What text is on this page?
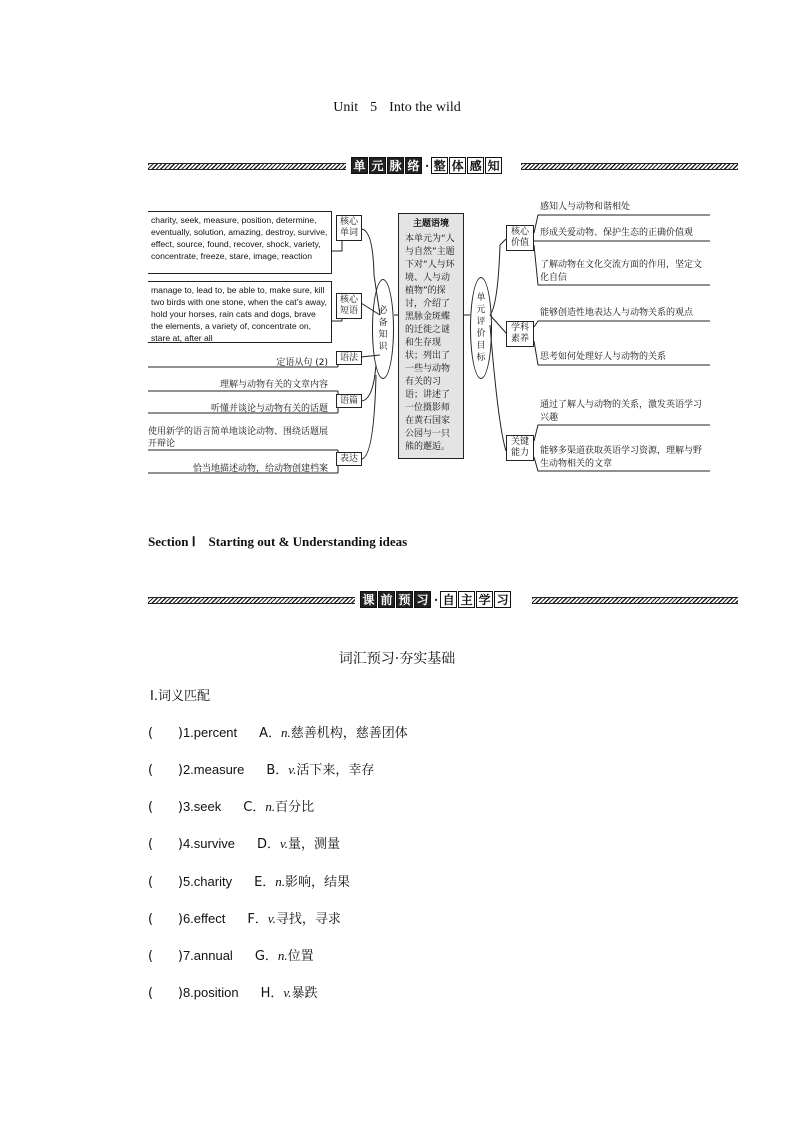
Unit 5 Into the wild
单 元 脉 络 · 整 体 感 知
charity, seek, measure, position, determine, eventually, solution, amazing, destroy, survive, effect, source, found, recover, shock, variety, concentrate, freeze, stare, image, reaction
manage to, lead to, be able to, make sure, kill two birds with one stone, when the cat’s away, hold your horses, rain cats and dogs, brave the elements, a variety of, concentrate on, stare at, after all
核心单词
核心短语
语法
语篇
表达
定语从句 (2)
理解与动物有关的文章内容
听懂并谈论与动物有关的话题
使用新学的语言简单地谈论动物、围绕话题展开辩论
恰当地描述动物，给动物创建档案
必备知识
主题语境
本单元为“人与自然”主题下对“人与环境、人与动植物”的探讨，介绍了黑脉金斑蝶的迁徙之谜和生存现状；列出了一些与动物有关的习语；讲述了一位摄影师在黄石国家公园与一只熊的邂逅。
单元评价目标
核心价值
学科素养
关键能力
感知人与动物和谐相处
形成关爱动物、保护生态的正确价值观
了解动物在文化交流方面的作用，坚定文化自信
能够创造性地表达人与动物关系的观点
思考如何处理好人与动物的关系
通过了解人与动物的关系，激发英语学习兴趣
能够多渠道获取英语学习资源，理解与野生动物相关的文章
Section Ⅰ Starting out & Understanding ideas
课 前 预 习 · 自 主 学 习
词汇预习·夯实基础
Ⅰ.词义匹配
(      )1.percent A．n.慈善机构，慈善团体
(      )2.measure B．v.活下来，幸存
(      )3.seek C．n.百分比
(      )4.survive D．v.量，测量
(      )5.charity E．n.影响，结果
(      )6.effect F．v.寻找，寻求
(      )7.annual G．n.位置
(      )8.position H．v.暴跌
